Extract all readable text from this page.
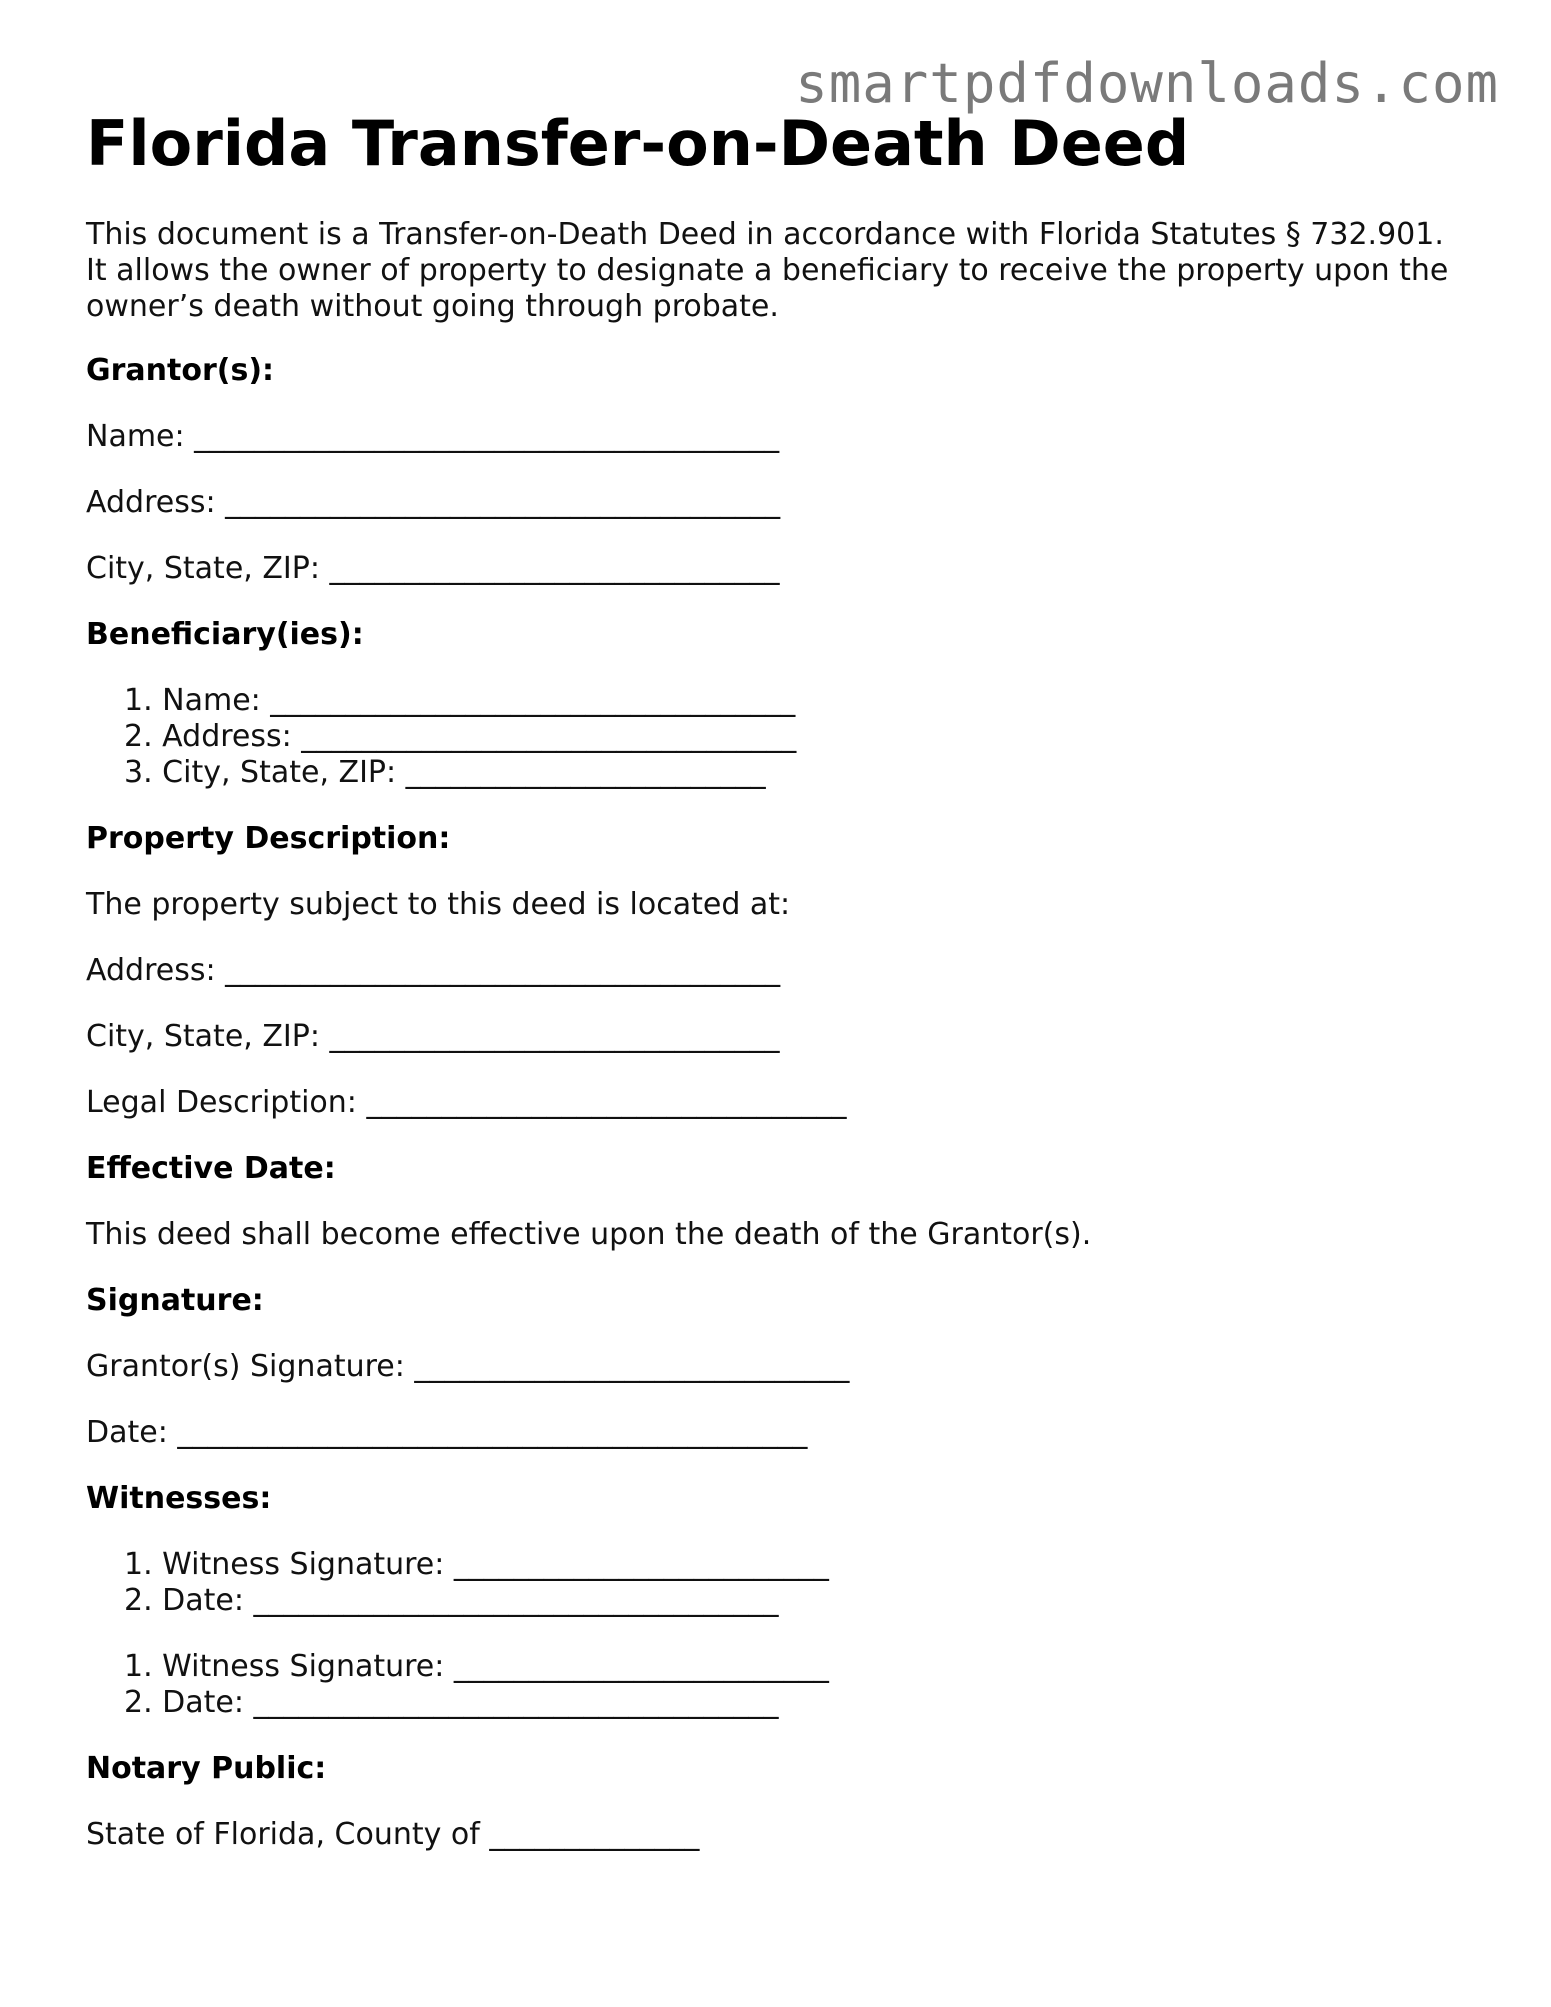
smartpdfdownloads.com
Florida Transfer-on-Death Deed

This document is a Transfer-on-Death Deed in accordance with Florida Statutes § 732.901. It allows the owner of property to designate a beneficiary to receive the property upon the owner’s death without going through probate.

Grantor(s):
Name: _______________________________________
Address: _____________________________________
City, State, ZIP: ______________________________
Beneficiary(ies):
1. Name: ___________________________________
2. Address: _________________________________
3. City, State, ZIP: ________________________
Property Description:
The property subject to this deed is located at:
Address: _____________________________________
City, State, ZIP: ______________________________
Legal Description: ________________________________
Effective Date:
This deed shall become effective upon the death of the Grantor(s).
Signature:
Grantor(s) Signature: _____________________________
Date: __________________________________________
Witnesses:
1. Witness Signature: _________________________
2. Date: ___________________________________
1. Witness Signature: _________________________
2. Date: ___________________________________
Notary Public:
State of Florida, County of ______________
